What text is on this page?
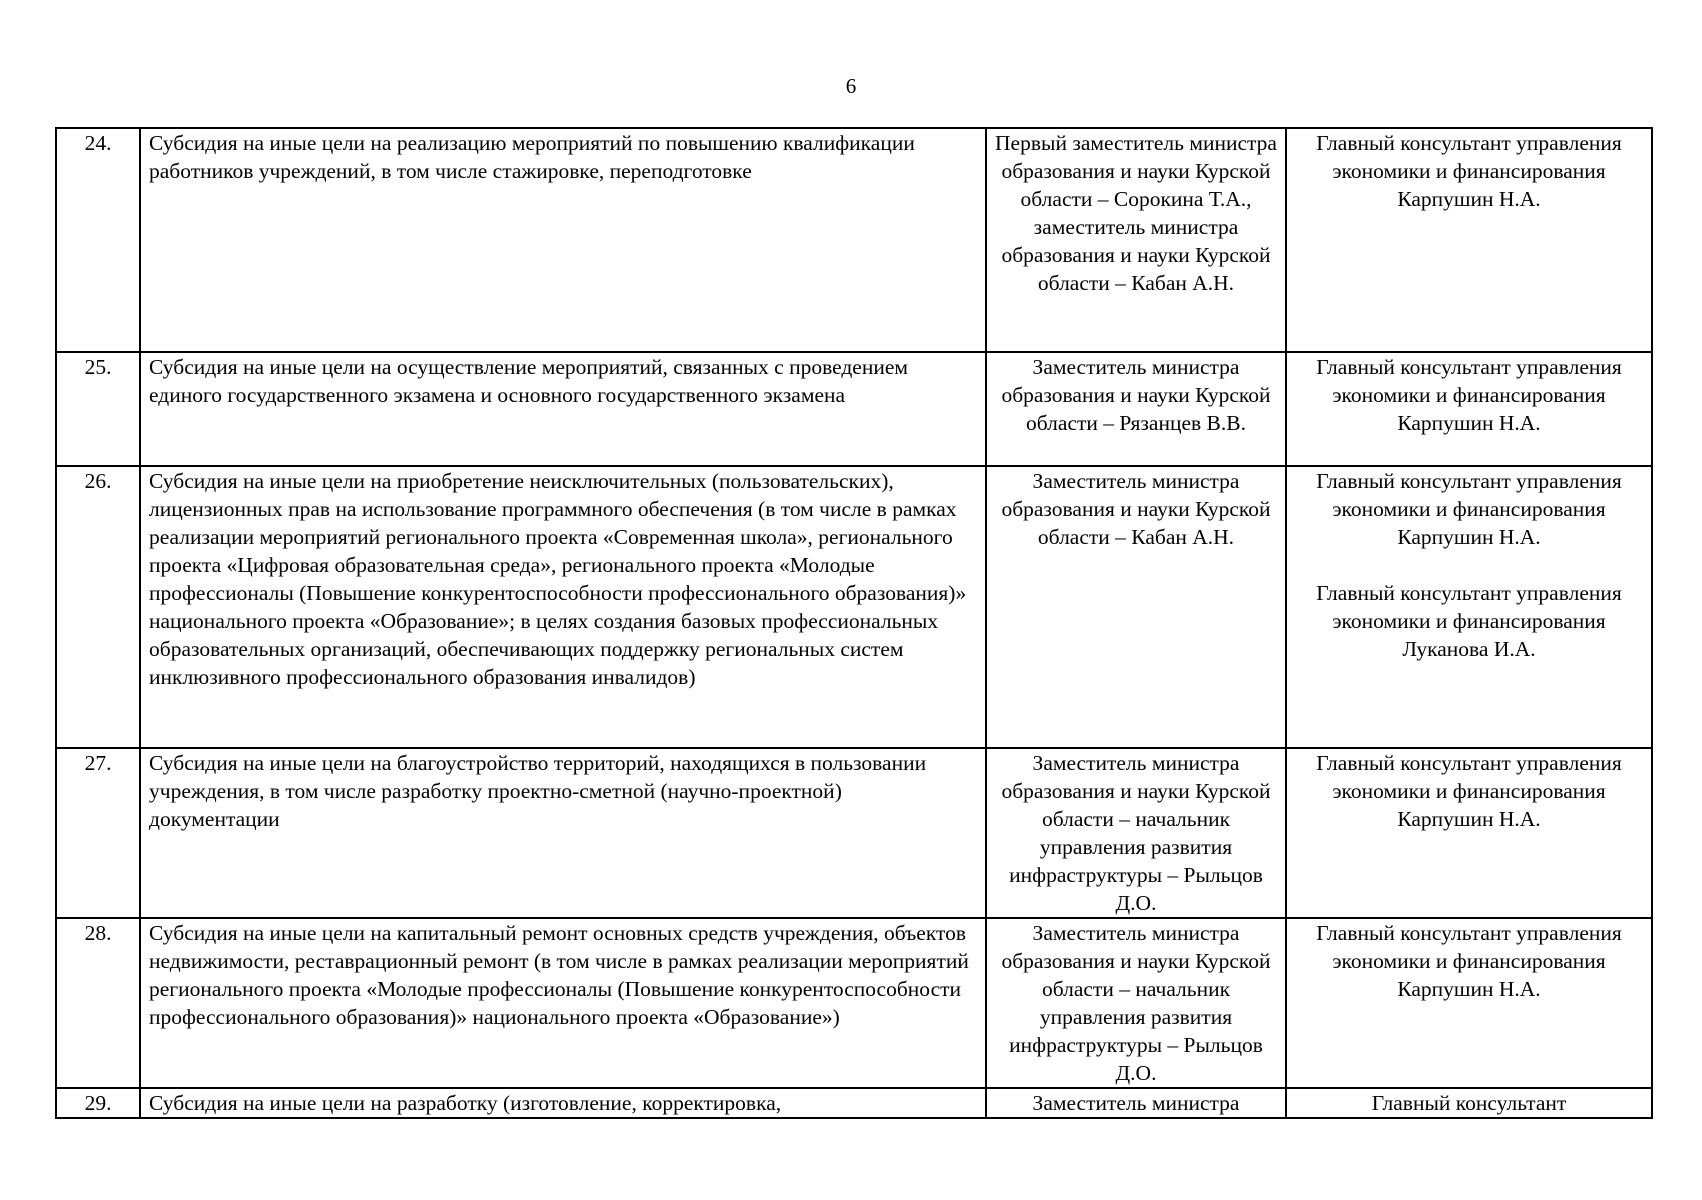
6
24.	Субсидия на иные цели на реализацию мероприятий по повышению квалификации работников учреждений, в том числе стажировке, переподготовке	Первый заместитель министра образования и науки Курской области – Сорокина Т.А., заместитель министра образования и науки Курской области – Кабан А.Н.	Главный консультант управления экономики и финансирования Карпушин Н.А.

25.	Субсидия на иные цели на осуществление мероприятий, связанных с проведением единого государственного экзамена и основного государственного экзамена	Заместитель министра образования и науки Курской области – Рязанцев В.В.	Главный консультант управления экономики и финансирования Карпушин Н.А.

26.	Субсидия на иные цели на приобретение неисключительных (пользовательских), лицензионных прав на использование программного обеспечения (в том числе в рамках реализации мероприятий регионального проекта «Современная школа», регионального проекта «Цифровая образовательная среда», регионального проекта «Молодые профессионалы (Повышение конкурентоспособности профессионального образования)» национального проекта «Образование»; в целях создания базовых профессиональных образовательных организаций, обеспечивающих поддержку региональных систем инклюзивного профессионального образования инвалидов)	Заместитель министра образования и науки Курской области – Кабан А.Н.	Главный консультант управления экономики и финансирования Карпушин Н.А.
Главный консультант управления экономики и финансирования Луканова И.А.

27.	Субсидия на иные цели на благоустройство территорий, находящихся в пользовании учреждения, в том числе разработку проектно-сметной (научно-проектной) документации	Заместитель министра образования и науки Курской области – начальник управления развития инфраструктуры – Рыльцов Д.О.	Главный консультант управления экономики и финансирования Карпушин Н.А.

28.	Субсидия на иные цели на капитальный ремонт основных средств учреждения, объектов недвижимости, реставрационный ремонт (в том числе в рамках реализации мероприятий регионального проекта «Молодые профессионалы (Повышение конкурентоспособности профессионального образования)» национального проекта «Образование»)	Заместитель министра образования и науки Курской области – начальник управления развития инфраструктуры – Рыльцов Д.О.	Главный консультант управления экономики и финансирования Карпушин Н.А.

29.	Субсидия на иные цели на разработку (изготовление, корректировка,	Заместитель министра	Главный консультант
